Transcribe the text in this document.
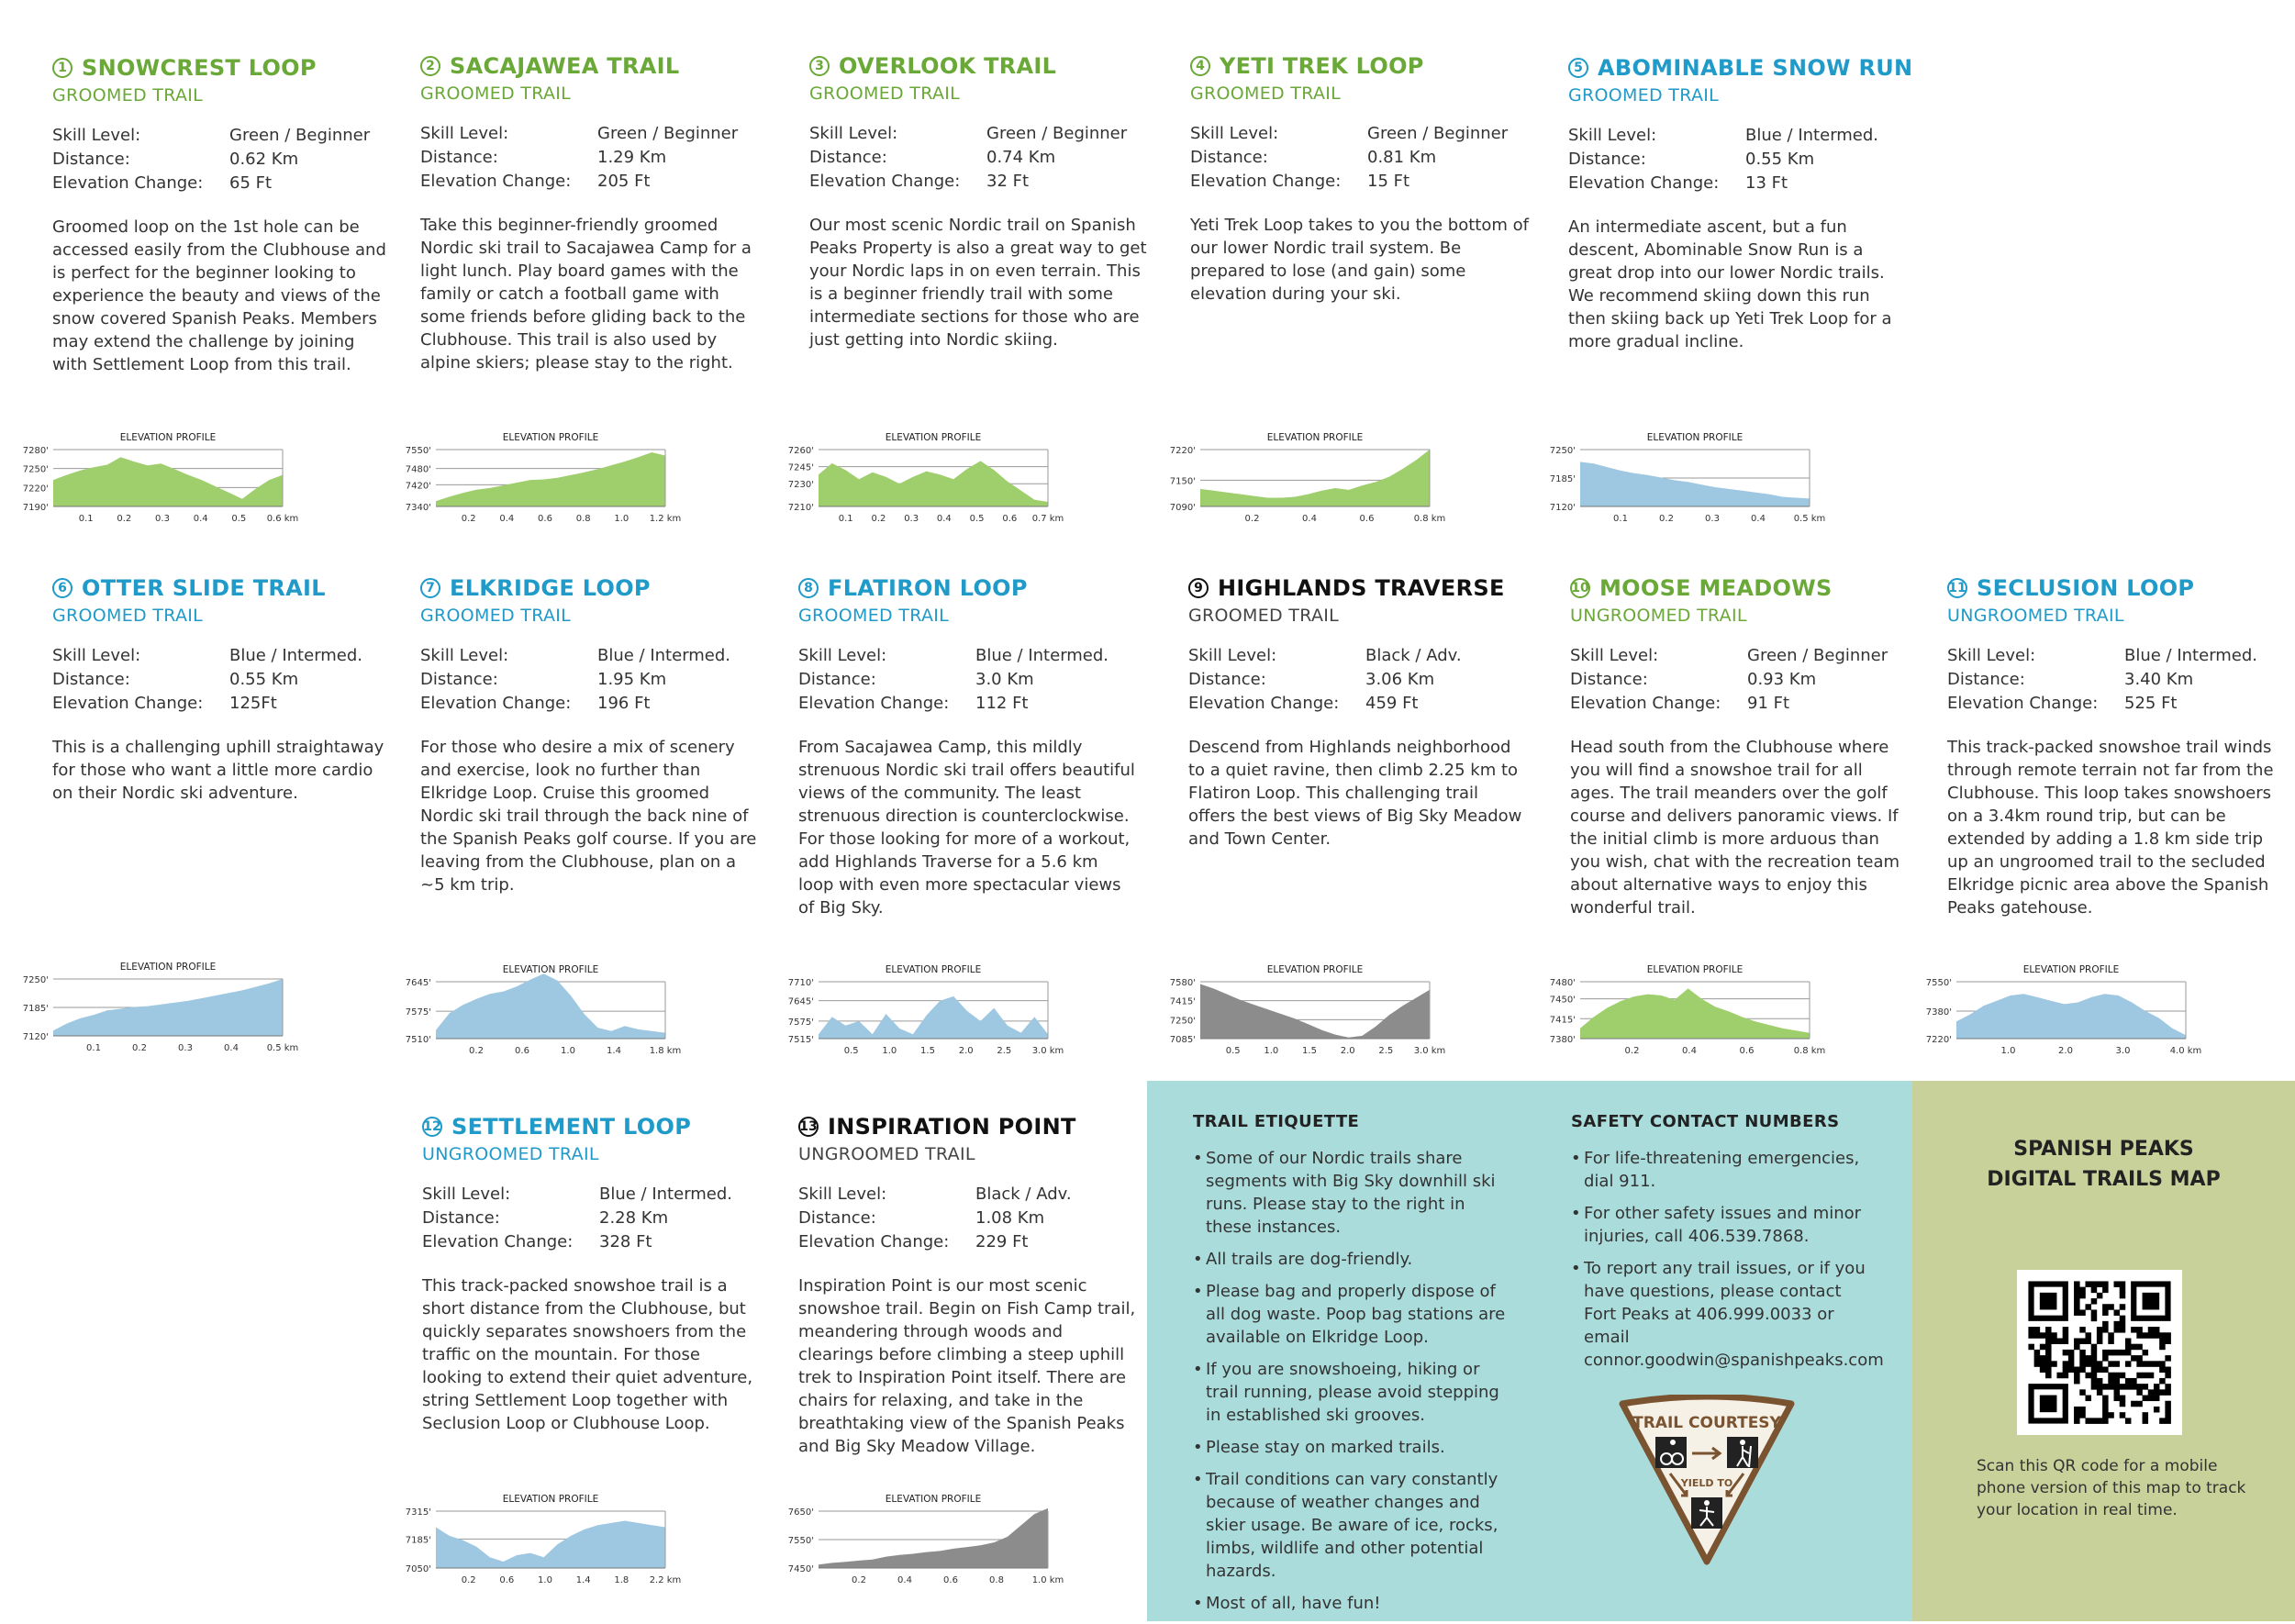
1 SNOWCREST LOOP
GROOMED TRAIL
Skill Level:	Green / Beginner
Distance:	0.62 Km
Elevation Change:	65 Ft
Groomed loop on the 1st hole can be accessed easily from the Clubhouse and is perfect for the beginner looking to experience the beauty and views of the snow covered Spanish Peaks. Members may extend the challenge by joining with Settlement Loop from this trail.
2 SACAJAWEA TRAIL
GROOMED TRAIL
Skill Level:	Green / Beginner
Distance:	1.29 Km
Elevation Change:	205 Ft
Take this beginner-friendly groomed Nordic ski trail to Sacajawea Camp for a light lunch. Play board games with the family or catch a football game with some friends before gliding back to the Clubhouse. This trail is also used by alpine skiers; please stay to the right.
3 OVERLOOK TRAIL
GROOMED TRAIL
Skill Level:	Green / Beginner
Distance:	0.74 Km
Elevation Change:	32 Ft
Our most scenic Nordic trail on Spanish Peaks Property is also a great way to get your Nordic laps in on even terrain. This is a beginner friendly trail with some intermediate sections for those who are just getting into Nordic skiing.
4 YETI TREK LOOP
GROOMED TRAIL
Skill Level:	Green / Beginner
Distance:	0.81 Km
Elevation Change:	15 Ft
Yeti Trek Loop takes to you the bottom of our lower Nordic trail system. Be prepared to lose (and gain) some elevation during your ski.
5 ABOMINABLE SNOW RUN
GROOMED TRAIL
Skill Level:	Blue / Intermed.
Distance:	0.55 Km
Elevation Change:	13 Ft
An intermediate ascent, but a fun descent, Abominable Snow Run is a great drop into our lower Nordic trails. We recommend skiing down this run then skiing back up Yeti Trek Loop for a more gradual incline.
6 OTTER SLIDE TRAIL
GROOMED TRAIL
Skill Level:	Blue / Intermed.
Distance:	0.55 Km
Elevation Change:	125Ft
This is a challenging uphill straightaway for those who want a little more cardio on their Nordic ski adventure.
7 ELKRIDGE LOOP
GROOMED TRAIL
Skill Level:	Blue / Intermed.
Distance:	1.95 Km
Elevation Change:	196 Ft
For those who desire a mix of scenery and exercise, look no further than Elkridge Loop. Cruise this groomed Nordic ski trail through the back nine of the Spanish Peaks golf course. If you are leaving from the Clubhouse, plan on a ~5 km trip.
8 FLATIRON LOOP
GROOMED TRAIL
Skill Level:	Blue / Intermed.
Distance:	3.0 Km
Elevation Change:	112 Ft
From Sacajawea Camp, this mildly strenuous Nordic ski trail offers beautiful views of the community. The least strenuous direction is counterclockwise. For those looking for more of a workout, add Highlands Traverse for a 5.6 km loop with even more spectacular views of Big Sky.
9 HIGHLANDS TRAVERSE
GROOMED TRAIL
Skill Level:	Black / Adv.
Distance:	3.06 Km
Elevation Change:	459 Ft
Descend from Highlands neighborhood to a quiet ravine, then climb 2.25 km to Flatiron Loop. This challenging trail offers the best views of Big Sky Meadow and Town Center.
10 MOOSE MEADOWS
UNGROOMED TRAIL
Skill Level:	Green / Beginner
Distance:	0.93 Km
Elevation Change:	91 Ft
Head south from the Clubhouse where you will find a snowshoe trail for all ages. The trail meanders over the golf course and delivers panoramic views. If the initial climb is more arduous than you wish, chat with the recreation team about alternative ways to enjoy this wonderful trail.
11 SECLUSION LOOP
UNGROOMED TRAIL
Skill Level:	Blue / Intermed.
Distance:	3.40 Km
Elevation Change:	525 Ft
This track-packed snowshoe trail winds through remote terrain not far from the Clubhouse. This loop takes snowshoers on a 3.4km round trip, but can be extended by adding a 1.8 km side trip up an ungroomed trail to the secluded Elkridge picnic area above the Spanish Peaks gatehouse.
12 SETTLEMENT LOOP
UNGROOMED TRAIL
Skill Level:	Blue / Intermed.
Distance:	2.28 Km
Elevation Change:	328 Ft
This track-packed snowshoe trail is a short distance from the Clubhouse, but quickly separates snowshoers from the traffic on the mountain. For those looking to extend their quiet adventure, string Settlement Loop together with Seclusion Loop or Clubhouse Loop.
13 INSPIRATION POINT
UNGROOMED TRAIL
Skill Level:	Black / Adv.
Distance:	1.08 Km
Elevation Change:	229 Ft
Inspiration Point is our most scenic snowshoe trail. Begin on Fish Camp trail, meandering through woods and clearings before climbing a steep uphill trek to Inspiration Point itself. There are chairs for relaxing, and take in the breathtaking view of the Spanish Peaks and Big Sky Meadow Village.
TRAIL ETIQUETTE
• Some of our Nordic trails share segments with Big Sky downhill ski runs. Please stay to the right in these instances.
• All trails are dog-friendly.
• Please bag and properly dispose of all dog waste. Poop bag stations are available on Elkridge Loop.
• If you are snowshoeing, hiking or trail running, please avoid stepping in established ski grooves.
• Please stay on marked trails.
• Trail conditions can vary constantly because of weather changes and skier usage. Be aware of ice, rocks, limbs, wildlife and other potential hazards.
• Most of all, have fun!
SAFETY CONTACT NUMBERS
• For life-threatening emergencies, dial 911.
• For other safety issues and minor injuries, call 406.539.7868.
• To report any trail issues, or if you have questions, please contact Fort Peaks at 406.999.0033 or email connor.goodwin@spanishpeaks.com
TRAIL COURTESY
YIELD TO
SPANISH PEAKS
DIGITAL TRAILS MAP
Scan this QR code for a mobile phone version of this map to track your location in real time.
ELEVATION PROFILE
7280'
7250'
7220'
7190'
0.1	0.2	0.3	0.4	0.5 0.6 km
ELEVATION PROFILE
7550'
7480'
7420'
7340'
0.2	0.4	0.6	0.8	1.0 1.2 km
ELEVATION PROFILE
7260'
7245'
7230'
7210'
0.1 0.2 0.3 0.4 0.5 0.6 0.7 km
ELEVATION PROFILE
7220'
7150'
7090'
0.2	0.4	0.6	0.8 km
ELEVATION PROFILE
7250'
7185'
7120'
0.1	0.2	0.3	0.4	0.5 km
ELEVATION PROFILE
7250'
7185'
7120'
0.1	0.2	0.3	0.4	0.5 km
ELEVATION PROFILE
7645'
7575'
7510'
0.2	0.6	1.0	1.4	1.8 km
ELEVATION PROFILE
7710'
7645'
7575'
7515'
0.5	1.0	1.5	2.0	2.5 3.0 km
ELEVATION PROFILE
7580'
7415'
7250'
7085'
0.5	1.0	1.5	2.0	2.5 3.0 km
ELEVATION PROFILE
7480'
7450'
7415'
7380'
0.2	0.4	0.6	0.8 km
ELEVATION PROFILE
7550'
7380'
7220'
1.0	2.0	3.0	4.0 km
ELEVATION PROFILE
7315'
7185'
7050'
0.2	0.6	1.0	1.4	1.8 2.2 km
ELEVATION PROFILE
7650'
7550'
7450'
0.2	0.4	0.6	0.8	1.0 km
